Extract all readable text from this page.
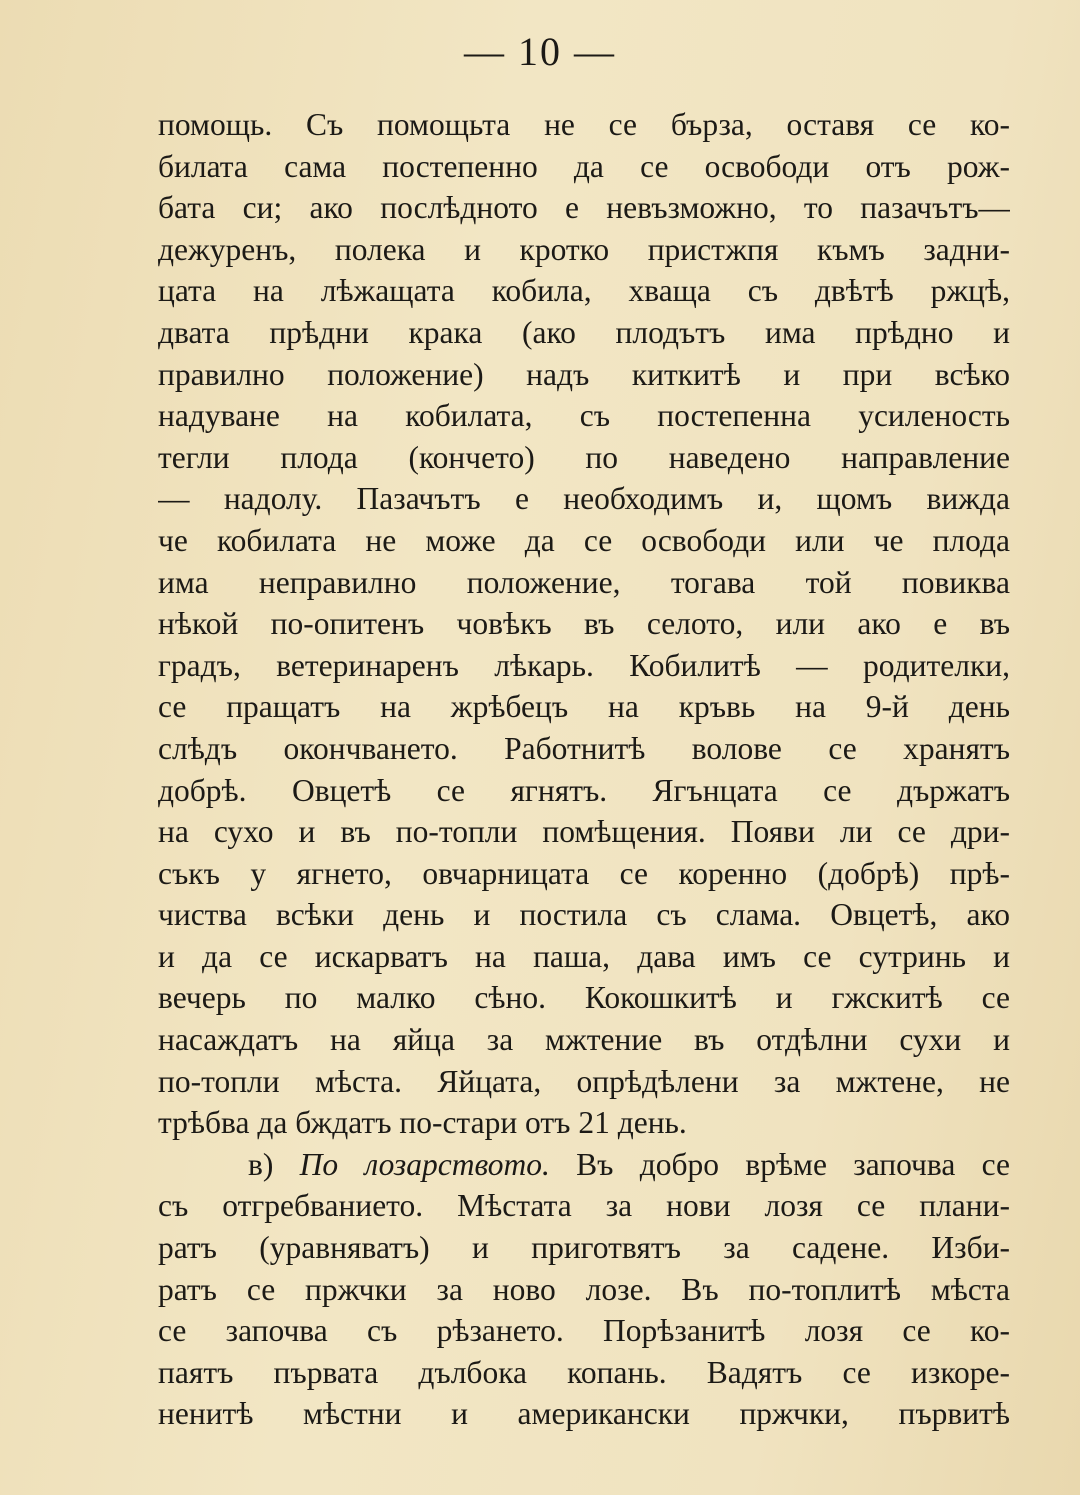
— 10 —
помощь. Съ помощьта не се бърза, оставя се ко-
билата сама постепенно да се освободи отъ рож-
бата си; ако послѣдното е невъзможно, то пазачътъ—
дежуренъ, полека и кротко пристжпя къмъ задни-
цата на лѣжащата кобила, хваща съ двѣтѣ ржцѣ,
двата прѣдни крака (ако плодътъ има прѣдно и
правилно положение) надъ киткитѣ и при всѣко
надуване на кобилата, съ постепенна усиленость
тегли плода (кончето) по наведено направление
— надолу. Пазачътъ е необходимъ и, щомъ вижда
че кобилата не може да се освободи или че плода
има неправилно положение, тогава той повиква
нѣкой по-опитенъ човѣкъ въ селото, или ако е въ
градъ, ветеринаренъ лѣкарь. Кобилитѣ — родителки,
се пращатъ на жрѣбецъ на кръвь на 9-й день
слѣдъ окончването. Работнитѣ волове се хранятъ
добрѣ. Овцетѣ се ягнятъ. Ягънцата се държатъ
на сухо и въ по-топли помѣщения. Появи ли се дри-
съкъ у ягнето, овчарницата се коренно (добрѣ) прѣ-
чиства всѣки день и постила съ слама. Овцетѣ, ако
и да се искарватъ на паша, дава имъ се сутринь и
вечерь по малко сѣно. Кокошкитѣ и гжскитѣ се
насаждатъ на яйца за мжтение въ отдѣлни сухи и
по-топли мѣста. Яйцата, опрѣдѣлени за мжтене, не
трѣбва да бждатъ по-стари отъ 21 день.
в) По лозарството. Въ добро врѣме започва се
съ отгребванието. Мѣстата за нови лозя се плани-
ратъ (уравняватъ) и приготвятъ за садене. Изби-
ратъ се пржчки за ново лозе. Въ по-топлитѣ мѣста
се започва съ рѣзането. Порѣзанитѣ лозя се ко-
паятъ първата дълбока копань. Вадятъ се изкоре-
ненитѣ мѣстни и американски пржчки, първитѣ
